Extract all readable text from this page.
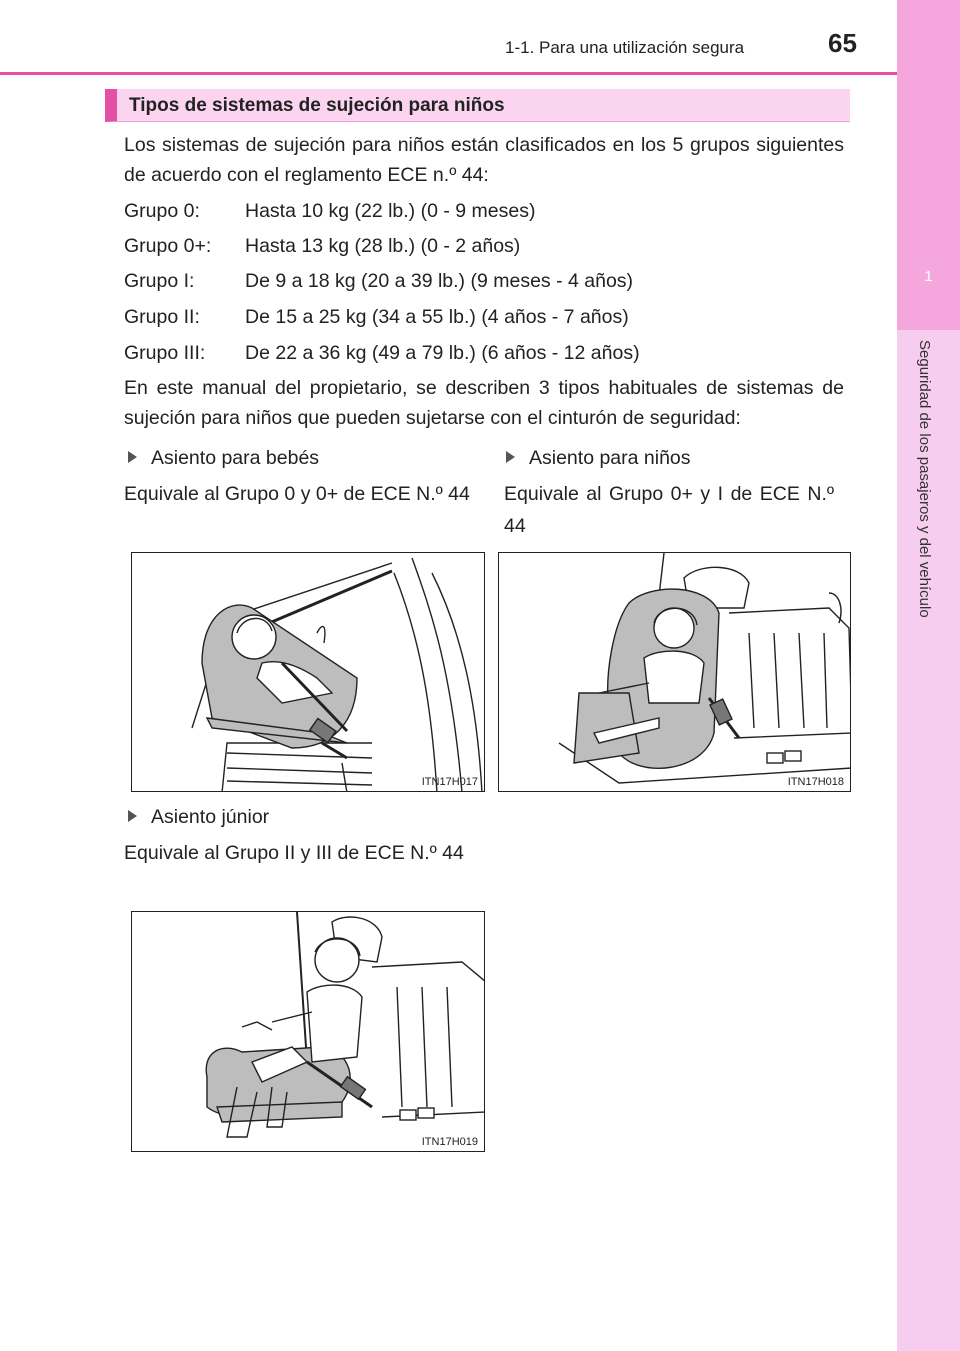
1-1. Para una utilización segura	65
1
Seguridad de los pasajeros y del vehículo
Tipos de sistemas de sujeción para niños
Los sistemas de sujeción para niños están clasificados en los 5 grupos siguientes de acuerdo con el reglamento ECE n.º 44:
Grupo 0: Hasta 10 kg (22 lb.) (0 - 9 meses)
Grupo 0+: Hasta 13 kg (28 lb.) (0 - 2 años)
Grupo I:	De 9 a 18 kg (20 a 39 lb.) (9 meses - 4 años)
Grupo II: De 15 a 25 kg (34 a 55 lb.) (4 años - 7 años)
Grupo III: De 22 a 36 kg (49 a 79 lb.) (6 años - 12 años)
En este manual del propietario, se describen 3 tipos habituales de sistemas de sujeción para niños que pueden sujetarse con el cinturón de seguridad:
Asiento para bebés
Equivale al Grupo 0 y 0+ de ECE N.º 44
Asiento para niños
Equivale al Grupo 0+ y I de ECE N.º 44
ITN17H017	ITN17H018
Asiento júnior
Equivale al Grupo II y III de ECE N.º 44
ITN17H019
